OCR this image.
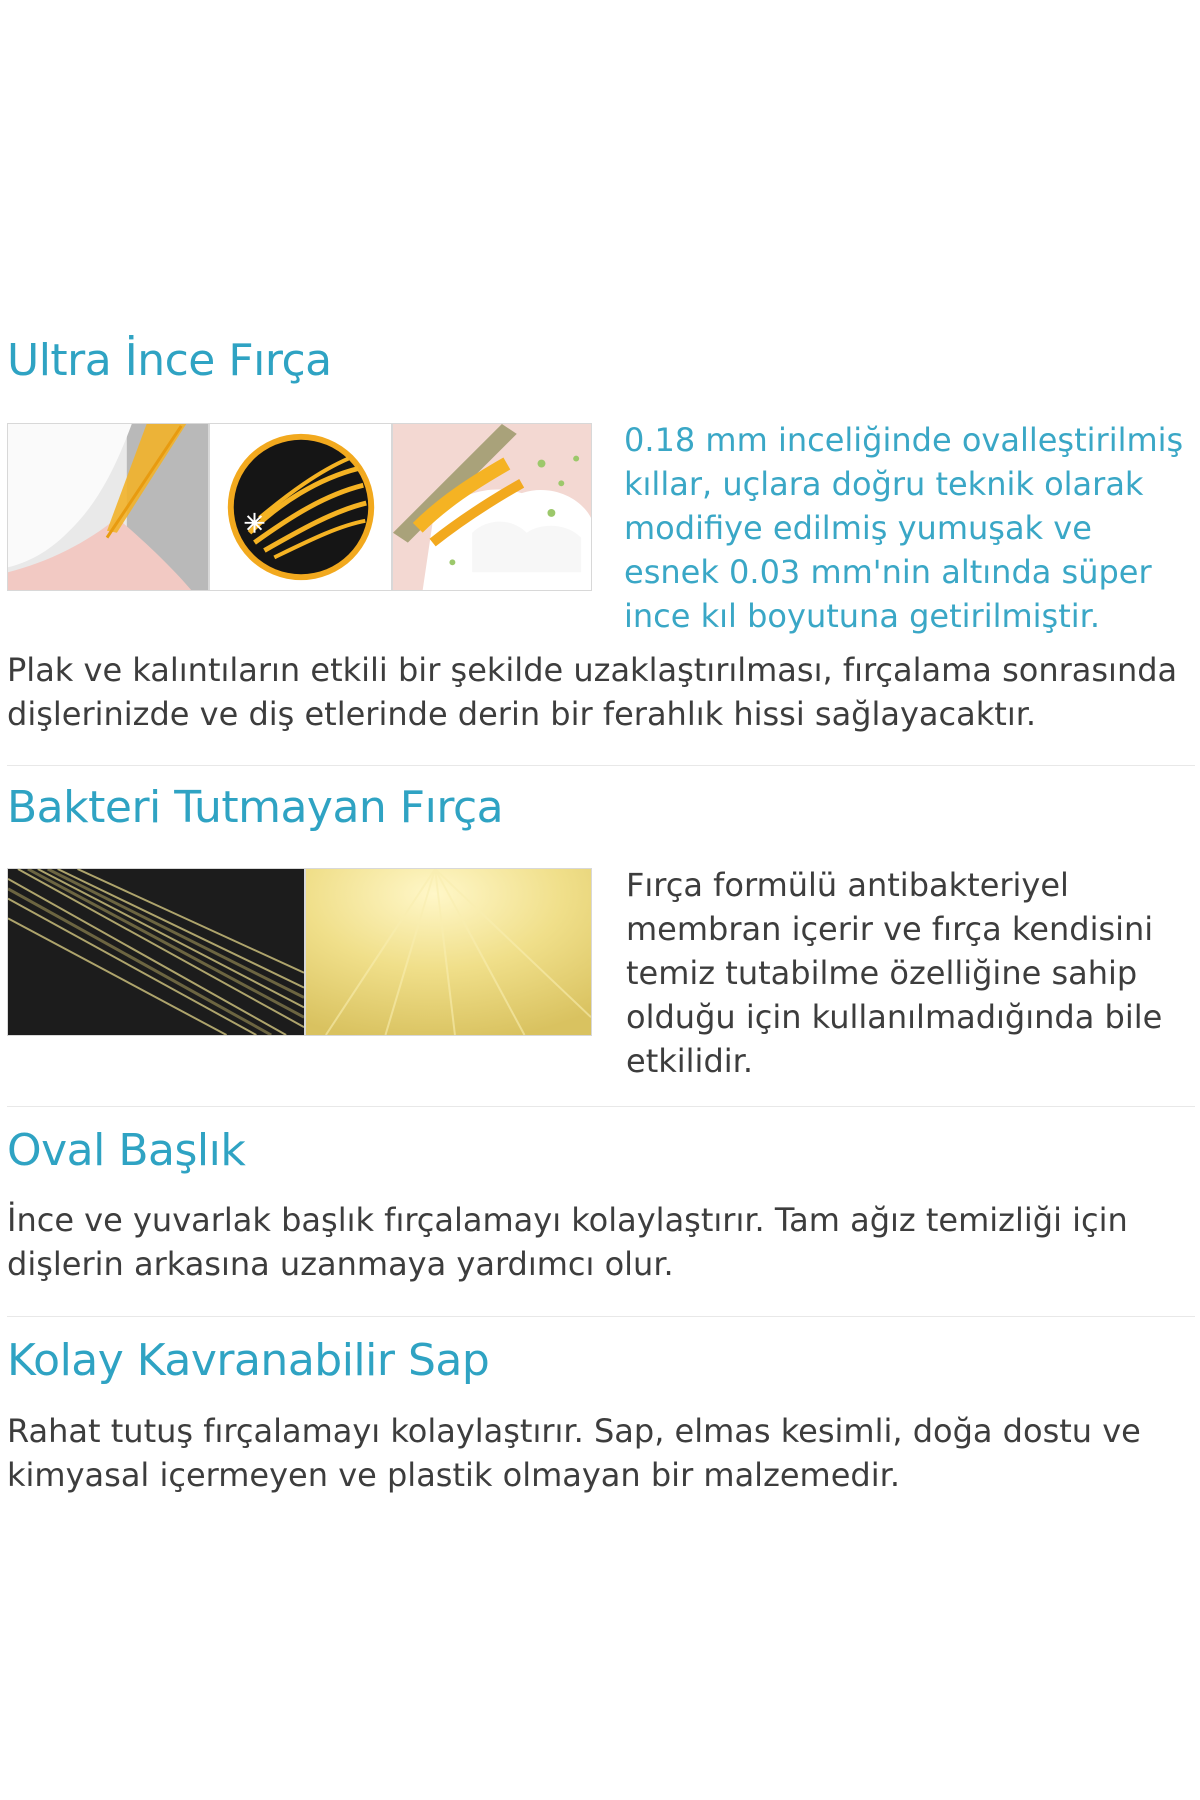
Ultra İnce Fırça

0.18 mm inceliğinde ovalleştirilmiş kıllar, uçlara doğru teknik olarak modifiye edilmiş yumuşak ve esnek 0.03 mm'nin altında süper ince kıl boyutuna getirilmiştir.

Plak ve kalıntıların etkili bir şekilde uzaklaştırılması, fırçalama sonrasında dişlerinizde ve diş etlerinde derin bir ferahlık hissi sağlayacaktır.

Bakteri Tutmayan Fırça

Fırça formülü antibakteriyel membran içerir ve fırça kendisini temiz tutabilme özelliğine sahip olduğu için kullanılmadığında bile etkilidir.

Oval Başlık

İnce ve yuvarlak başlık fırçalamayı kolaylaştırır. Tam ağız temizliği için dişlerin arkasına uzanmaya yardımcı olur.

Kolay Kavranabilir Sap

Rahat tutuş fırçalamayı kolaylaştırır. Sap, elmas kesimli, doğa dostu ve kimyasal içermeyen ve plastik olmayan bir malzemedir.
